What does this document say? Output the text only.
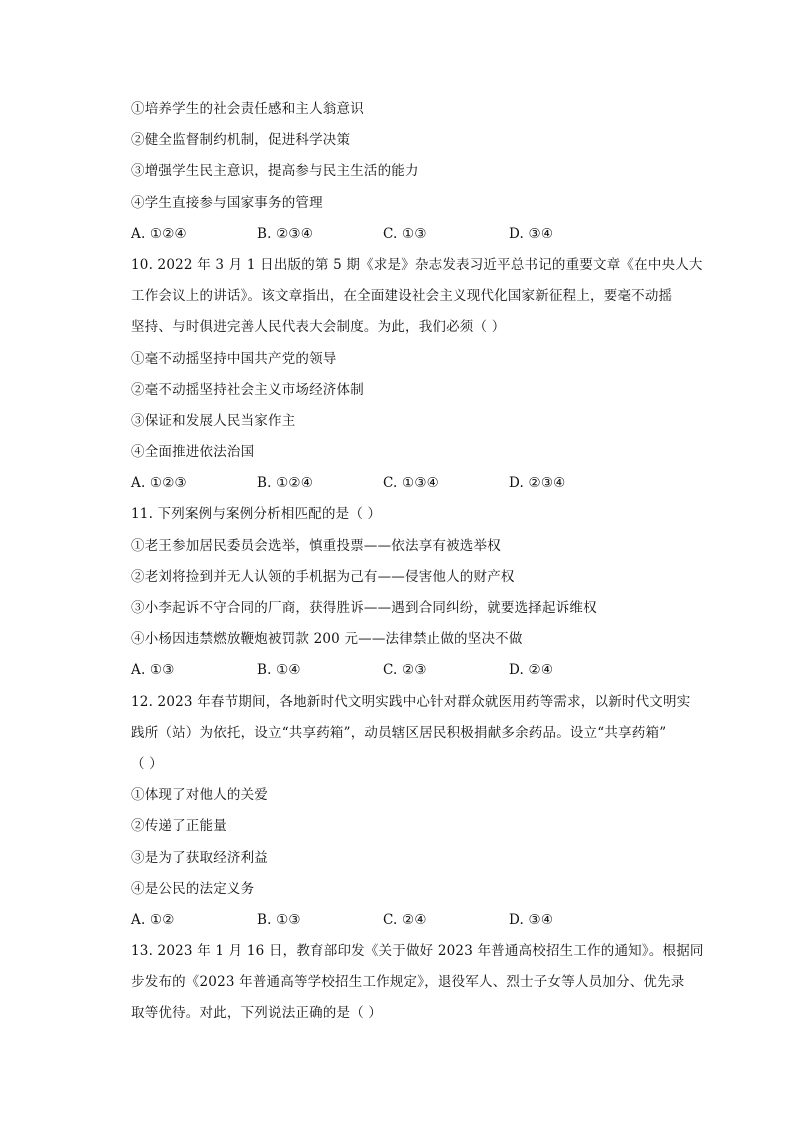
①培养学生的社会责任感和主人翁意识
②健全监督制约机制，促进科学决策
③增强学生民主意识，提高参与民主生活的能力
④学生直接参与国家事务的管理
A. ①②④	B. ②③④	C. ①③	D. ③④
10. 2022 年 3 月 1 日出版的第 5 期《求是》杂志发表习近平总书记的重要文章《在中央人大
工作会议上的讲话》。该文章指出，在全面建设社会主义现代化国家新征程上，要毫不动摇
坚持、与时俱进完善人民代表大会制度。为此，我们必须（ ）
①毫不动摇坚持中国共产党的领导
②毫不动摇坚持社会主义市场经济体制
③保证和发展人民当家作主
④全面推进依法治国
A. ①②③	B. ①②④	C. ①③④	D. ②③④
11. 下列案例与案例分析相匹配的是（ ）
①老王参加居民委员会选举，慎重投票——依法享有被选举权
②老刘将捡到并无人认领的手机据为己有——侵害他人的财产权
③小李起诉不守合同的厂商，获得胜诉——遇到合同纠纷，就要选择起诉维权
④小杨因违禁燃放鞭炮被罚款 200 元——法律禁止做的坚决不做
A. ①③	B. ①④	C. ②③	D. ②④
12. 2023 年春节期间，各地新时代文明实践中心针对群众就医用药等需求，以新时代文明实
践所（站）为依托，设立“共享药箱”，动员辖区居民积极捐献多余药品。设立“共享药箱”
（ ）
①体现了对他人的关爱
②传递了正能量
③是为了获取经济利益
④是公民的法定义务
A. ①②	B. ①③	C. ②④	D. ③④
13. 2023 年 1 月 16 日，教育部印发《关于做好 2023 年普通高校招生工作的通知》。根据同
步发布的《2023 年普通高等学校招生工作规定》，退役军人、烈士子女等人员加分、优先录
取等优待。对此，下列说法正确的是（ ）
